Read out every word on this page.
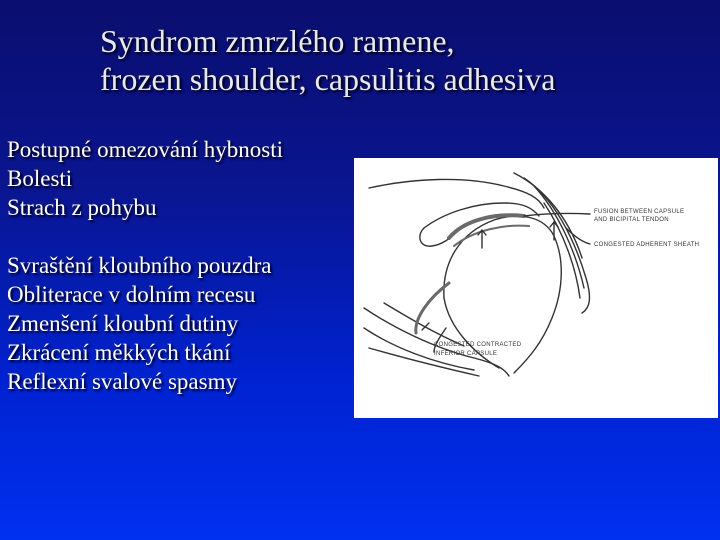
Syndrom zmrzlého ramene,
frozen shoulder, capsulitis adhesiva
Postupné omezování hybnosti
Bolesti
Strach z pohybu
Svraštění kloubního pouzdra
Obliterace v dolním recesu
Zmenšení kloubní dutiny
Zkrácení měkkých tkání
Reflexní svalové spasmy
FUSION BETWEEN CAPSULE
AND BICIPITAL TENDON
CONGESTED ADHERENT SHEATH
CONGESTED CONTRACTED
INFERIOR CAPSULE
